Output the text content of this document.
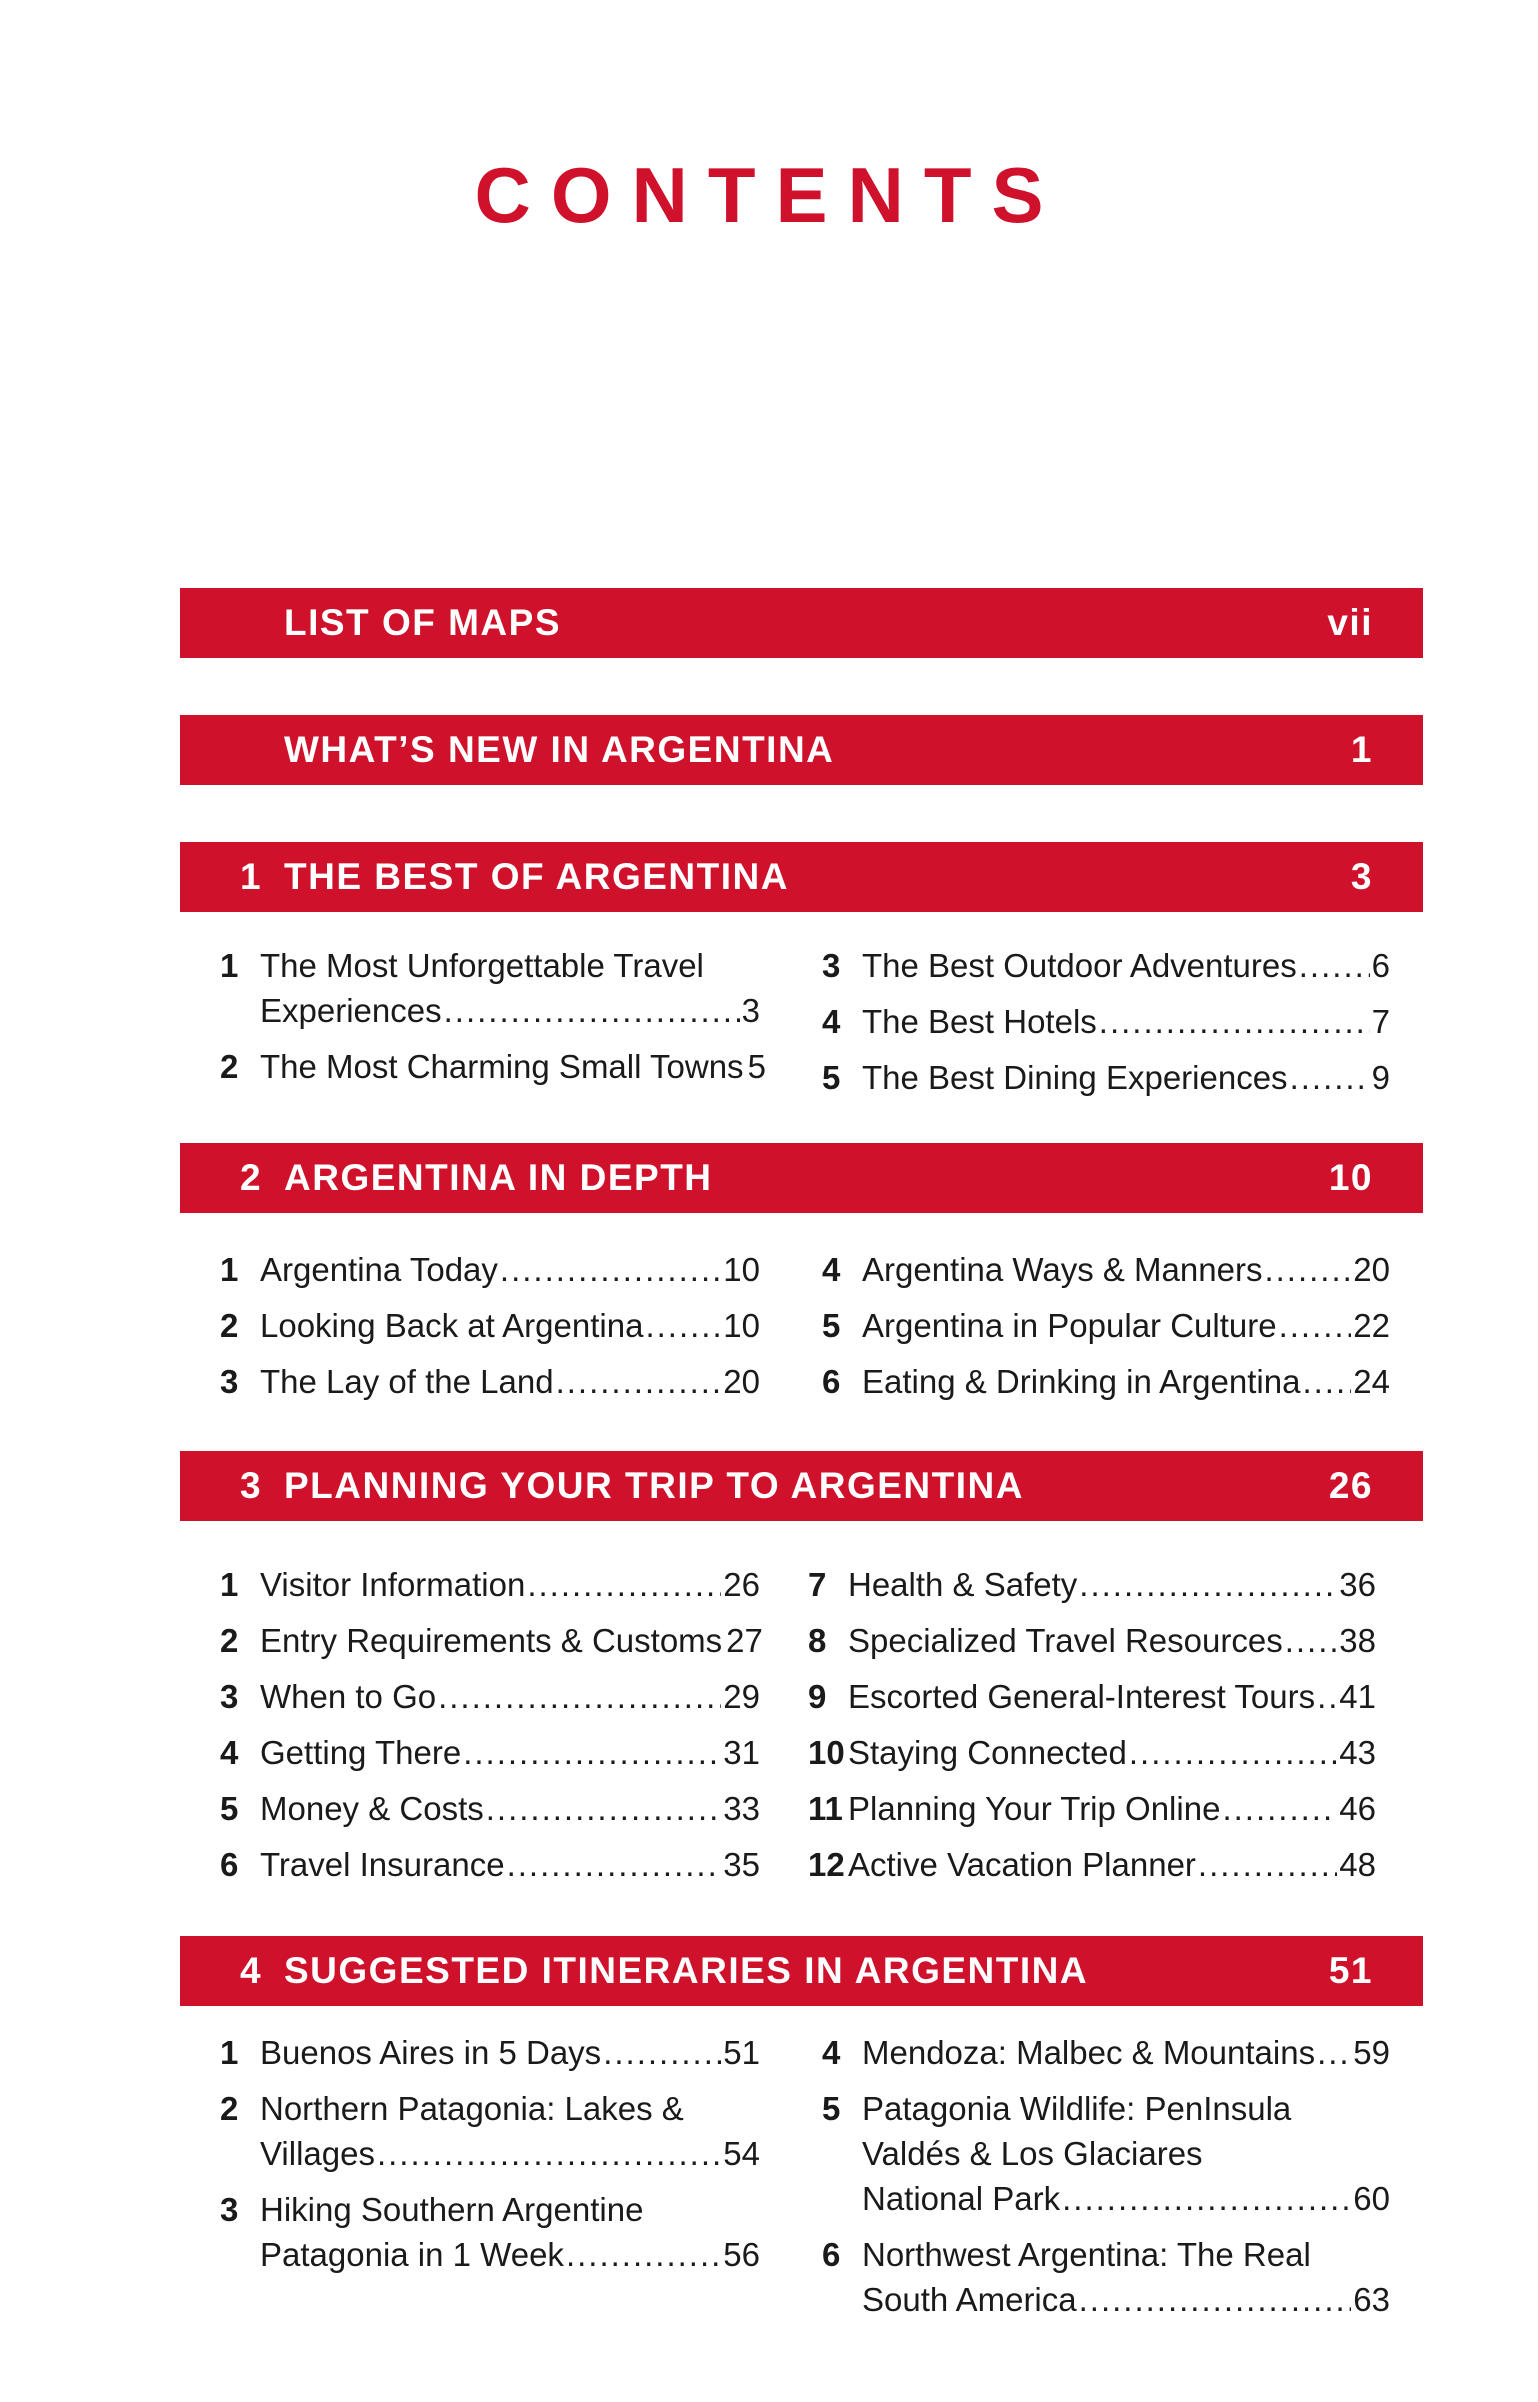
CONTENTS
LIST OF MAPS	vii
WHAT’S NEW IN ARGENTINA	1
1 THE BEST OF ARGENTINA	3
2 ARGENTINA IN DEPTH	10
3 PLANNING YOUR TRIP TO ARGENTINA	26
4 SUGGESTED ITINERARIES IN ARGENTINA	51
1 The Most Unforgettable Travel
Experiences .....	3
2 The Most Charming Small Towns 5
3 The Best Outdoor Adventures ..... 6
4 The Best Hotels .....	7
5 The Best Dining Experiences .....	9
1 Argentina Today .....	10
2 Looking Back at Argentina ..... 10
3 The Lay of the Land .....	20
4 Argentina Ways & Manners .....	20
5 Argentina in Popular Culture ..... 22
6 Eating & Drinking in Argentina ..... 24
1 Visitor Information .....	26
2 Entry Requirements & Customs 27
3 When to Go .....	29
4 Getting There .....	31
5 Money & Costs .....	33
6 Travel Insurance .....	35
7 Health & Safety .....	36
8 Specialized Travel Resources ..... 38
9 Escorted General-Interest Tours ..... 41
10 Staying Connected .....	43
11 Planning Your Trip Online .....	46
12 Active Vacation Planner .....	48
1 Buenos Aires in 5 Days .....	51
2 Northern Patagonia: Lakes &
Villages .....	54
3 Hiking Southern Argentine
Patagonia in 1 Week .....	56
4 Mendoza: Malbec & Mountains ..... 59
5 Patagonia Wildlife: PenInsula
Valdés & Los Glaciares
National Park .....	60
6 Northwest Argentina: The Real
South America .....	63
